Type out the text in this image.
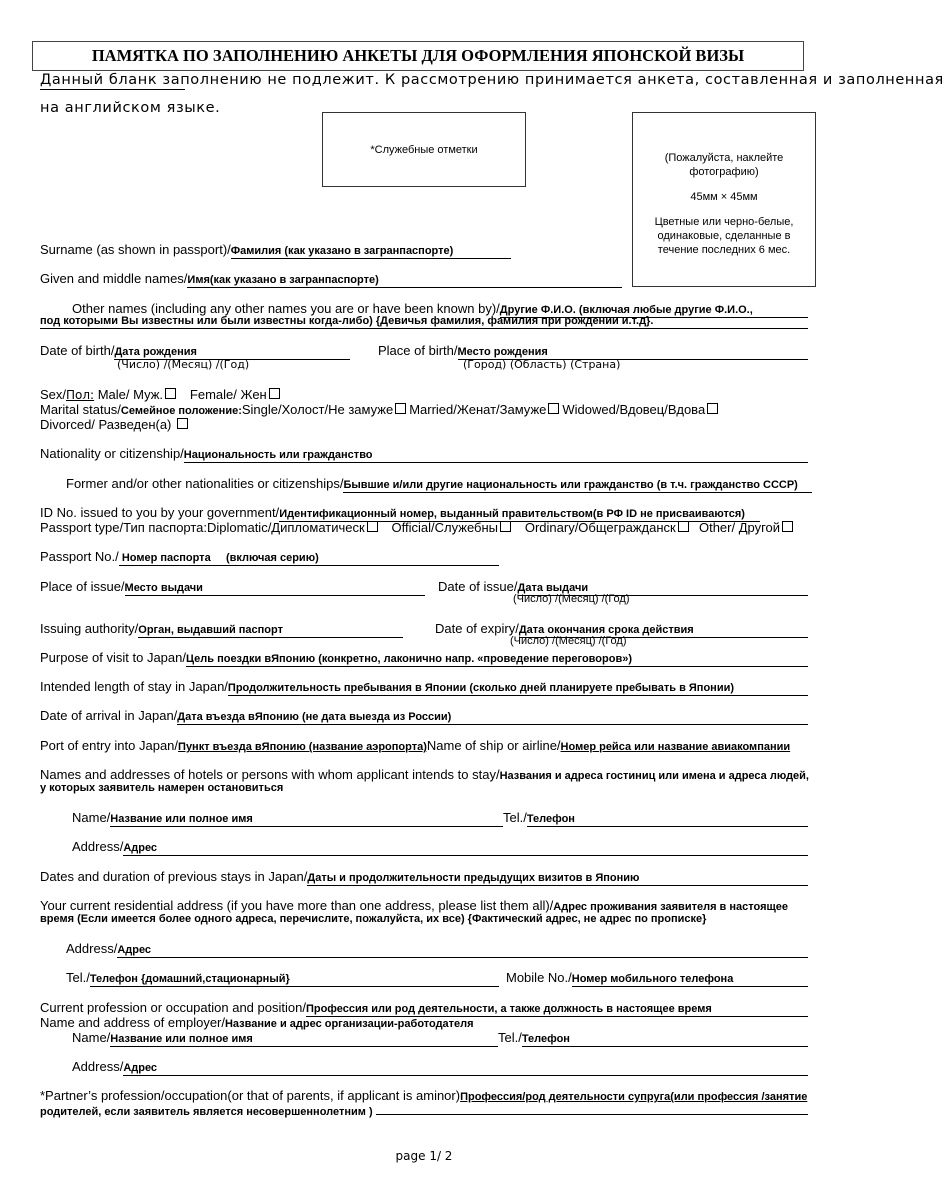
ПАМЯТКА ПО ЗАПОЛНЕНИЮ АНКЕТЫ ДЛЯ ОФОРМЛЕНИЯ ЯПОНСКОЙ ВИЗЫ
Данный бланк заполнению не подлежит. К рассмотрению принимается анкета, составленная и заполненная
на английском языке.
*Служебные отметки
(Пожалуйста, наклейте фотографию)
45мм × 45мм
Цветные или черно-белые, одинаковые, сделанные в течение последних 6 мес.
Surname (as shown in passport)/ Фамилия (как указано в загранпаспорте)
Given and middle names/ Имя(как указано в загранпаспорте)
Other names (including any other names you are or have been known by)/ Другие Ф.И.О. (включая любые другие Ф.И.О.,
под которыми Вы известны или были известны когда-либо) {Девичья фамилия, фамилия при рождении и.т.д}.
Date of birth/ Дата рождения
(Число) /(Месяц) /(Год)
Place of birth/ Место рождения
(Город) (Область) (Страна)
Sex/ Пол:
Male/ Муж.
Female/ Жен
Marital status/ Семейное положение: Single/Холост/Не замуже Married/Женат/Замуже Widowed/Вдовец/Вдова
Divorced/ Разведен(а)

Nationality or citizenship/ Национальность или гражданство
Former and/or other nationalities or citizenships/ Бывшие и/или другие национальность или гражданство (в т.ч. гражданство СССР)
ID No. issued to you by your government/ Идентификационный номер, выданный правительством(в РФ ID не присваиваются)
Passport type/Тип паспорта: Diplomatic/Дипломатическ
Official/Служебны
Ordinary/Общегражданск
Other/ Другой
Passport No./ Номер паспорта     (включая серию)
Place of issue/ Место выдачи	Date of issue/ Дата выдачи
(Число) /(Месяц) /(Год)
Issuing authority/ Орган, выдавший паспорт	Date of expiry/ Дата окончания срока действия
(Число) /(Месяц) /(Год)
Purpose of visit to Japan/ Цель поездки вЯпонию (конкретно, лаконично напр. «проведение переговоров»)
Intended length of stay in Japan/ Продолжительность пребывания в Японии (сколько дней планируете пребывать в Японии)
Date of arrival in Japan/ Дата въезда вЯпонию (не дата выезда из России)
Port of entry into Japan/ Пункт въезда вЯпонию (название аэропорта) Name of ship or airline/ Номер рейса или название авиакомпании
Names and addresses of hotels or persons with whom applicant intends to stay/ Названия и адреса гостиниц или имена и адреса людей,
у которых заявитель намерен остановиться
Name/ Название или полное имя	Tel./ Телефон
Address/ Адрес
Dates and duration of previous stays in Japan/ Даты и продолжительности предыдущих визитов в Японию
Your current residential address (if you have more than one address, please list them all)/ Адрес проживания заявителя в настоящее
время (Если имеется более одного адреса, перечислите, пожалуйста, их все) {Фактический адрес, не адрес по прописке}
Address/ Адрес
Tel./ Телефон {домашний,стационарный}	Mobile No./ Номер мобильного телефона
Current profession or occupation and position/ Профессия или род деятельности, а также должность в настоящее время
Name and address of employer/ Название и адрес организации-работодателя
Name/ Название или полное имя	Tel./ Телефон
Address/ Адрес
*Partner’s profession/occupation(or that of parents, if applicant is aminor) Профессия/род деятельности супруга(или профессия /занятие
родителей, если заявитель является несовершеннолетним )

page 1/ 2
